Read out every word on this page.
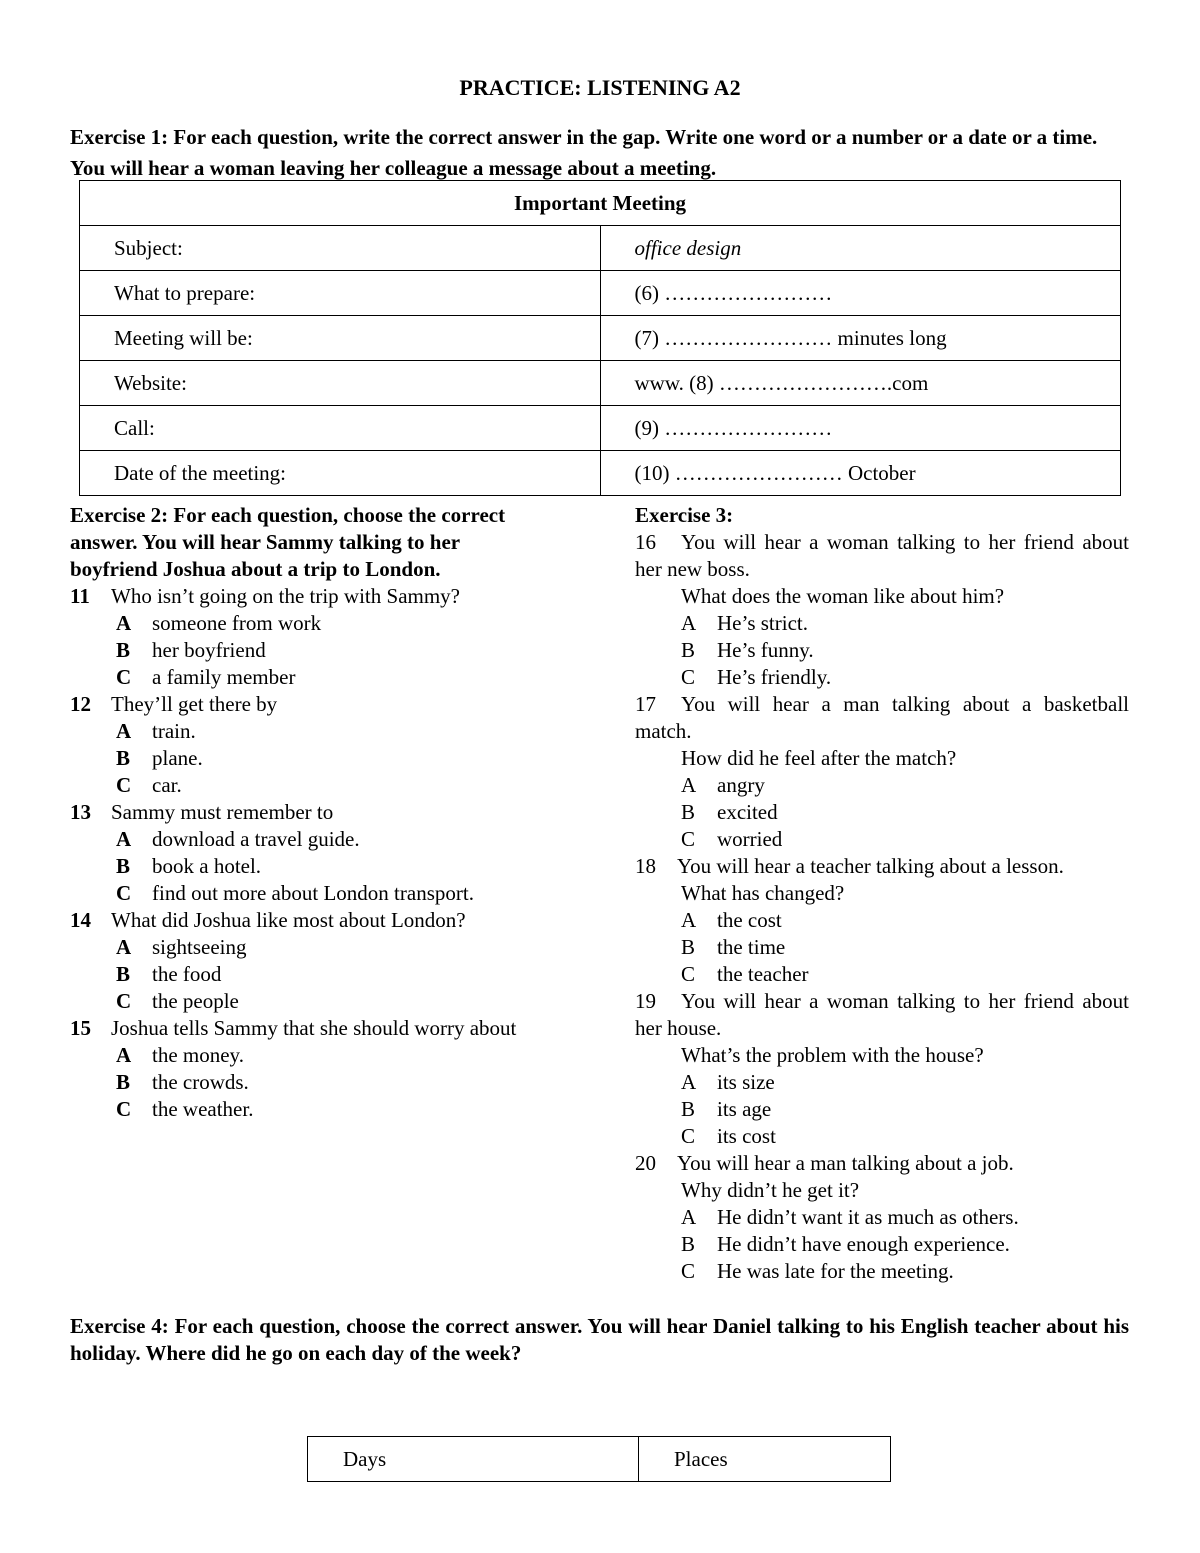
PRACTICE: LISTENING A2
Exercise 1: For each question, write the correct answer in the gap. Write one word or a number or a date or a time. You will hear a woman leaving her colleague a message about a meeting.
Important Meeting	
Subject:	office design
What to prepare:	(6) ……………………
Meeting will be:	(7) …………………… minutes long
Website:	www. (8) …………………….com
Call:	(9) ……………………
Date of the meeting:	(10) …………………… October
Exercise 2: For each question, choose the correct answer. You will hear Sammy talking to her boyfriend Joshua about a trip to London.
11 Who isn’t going on the trip with Sammy?
A someone from work
B her boyfriend
C a family member
12 They’ll get there by
A train.
B plane.
C car.
13 Sammy must remember to
A download a travel guide.
B book a hotel.
C find out more about London transport.
14 What did Joshua like most about London?
A sightseeing
B the food
C the people
15 Joshua tells Sammy that she should worry about
A the money.
B the crowds.
C the weather.
Exercise 3:
16 You will hear a woman talking to her friend about her new boss.
What does the woman like about him?
A He’s strict.
B He’s funny.
C He’s friendly.
17 You will hear a man talking about a basketball match.
How did he feel after the match?
A angry
B excited
C worried
18 You will hear a teacher talking about a lesson.
What has changed?
A the cost
B the time
C the teacher
19 You will hear a woman talking to her friend about her house.
What’s the problem with the house?
A its size
B its age
C its cost
20 You will hear a man talking about a job.
Why didn’t he get it?
A He didn’t want it as much as others.
B He didn’t have enough experience.
C He was late for the meeting.
Exercise 4: For each question, choose the correct answer. You will hear Daniel talking to his English teacher about his holiday. Where did he go on each day of the week?
Days	Places
